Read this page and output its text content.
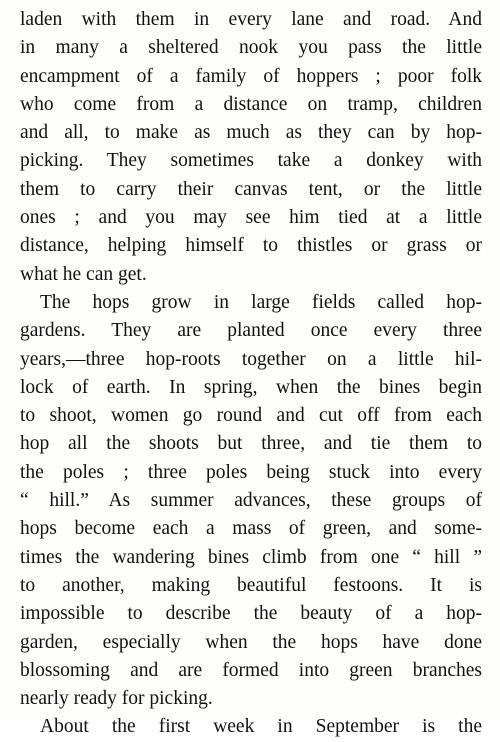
laden with them in every lane and road. And
in many a sheltered nook you pass the little
encampment of a family of hoppers ; poor folk
who come from a distance on tramp, children
and all, to make as much as they can by hop-
picking. They sometimes take a donkey with
them to carry their canvas tent, or the little
ones ; and you may see him tied at a little
distance, helping himself to thistles or grass or
what he can get.
The hops grow in large fields called hop-
gardens. They are planted once every three
years,—three hop-roots together on a little hil-
lock of earth. In spring, when the bines begin
to shoot, women go round and cut off from each
hop all the shoots but three, and tie them to
the poles ; three poles being stuck into every
“ hill.” As summer advances, these groups of
hops become each a mass of green, and some-
times the wandering bines climb from one “ hill ”
to another, making beautiful festoons. It is
impossible to describe the beauty of a hop-
garden, especially when the hops have done
blossoming and are formed into green branches
nearly ready for picking.
About the first week in September is the
